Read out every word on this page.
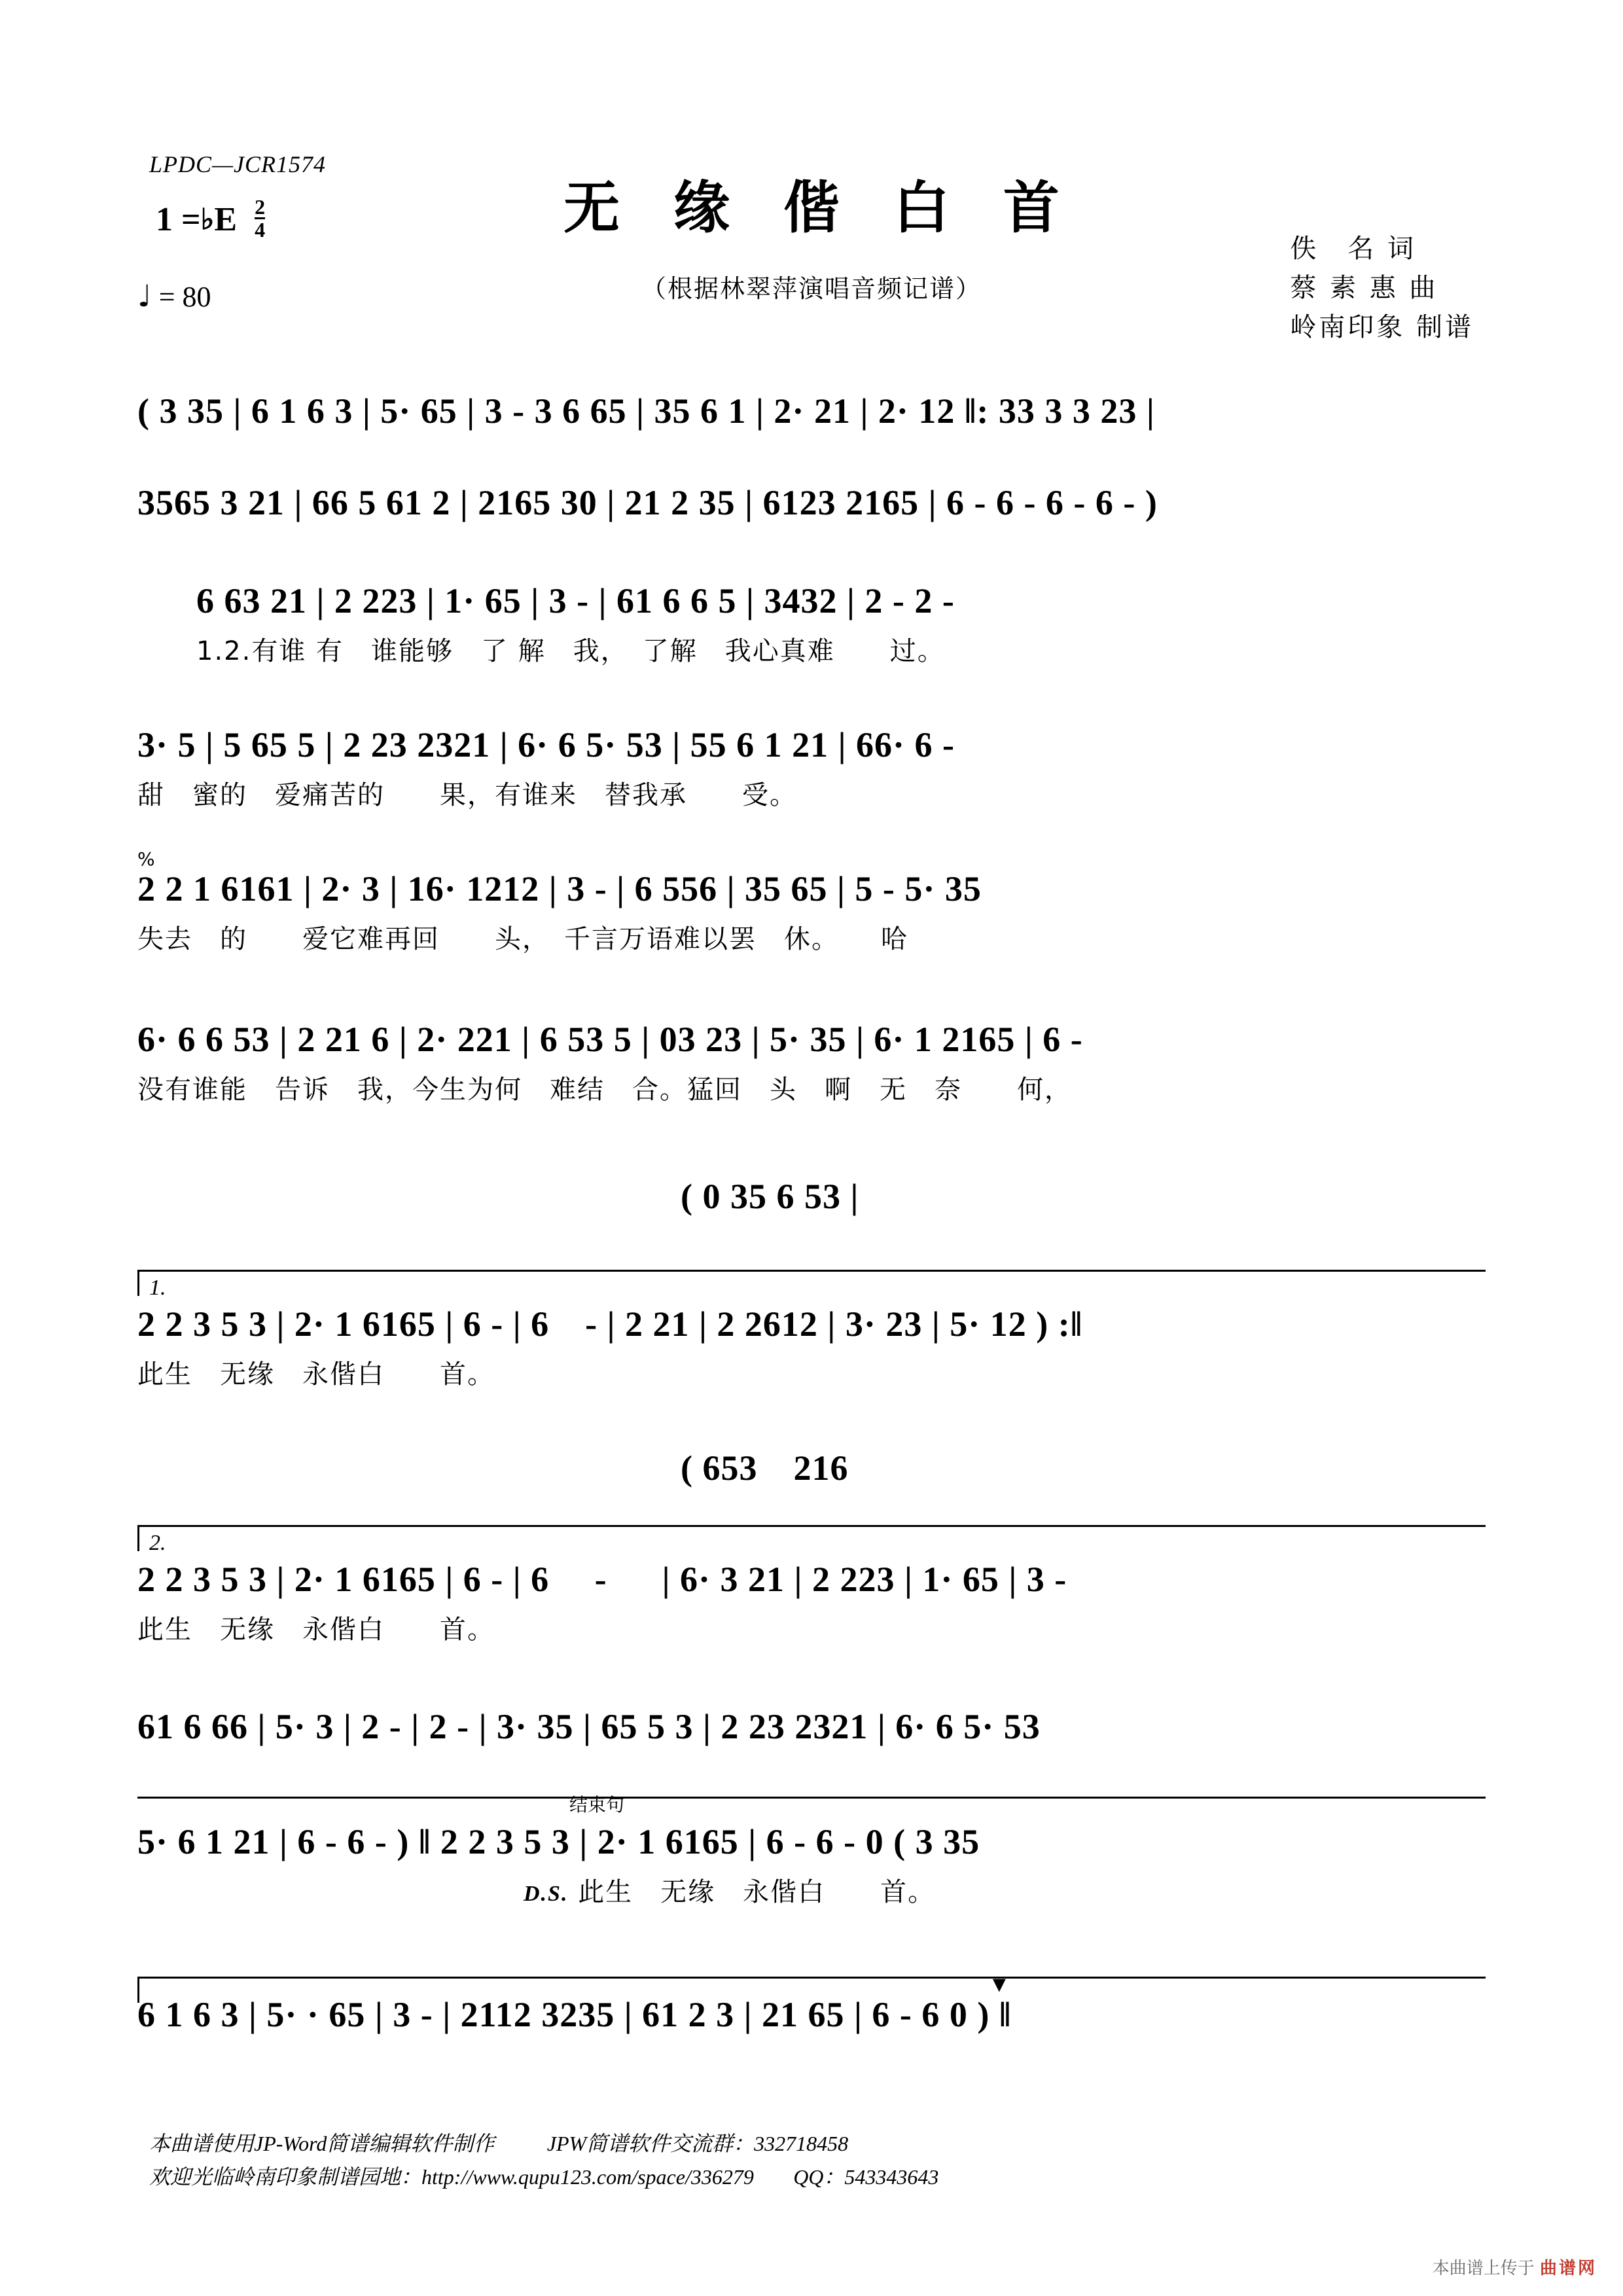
LPDC—JCR1574
无 缘 偕 白 首
（根据林翠萍演唱音频记谱）
1 =♭E $\frac{2}{4}$
♩ = 80
佚　名 词
蔡 素 惠 曲
岭南印象 制谱
( 3 35 | 6 1 6 3 | 5· 65 | 3 - 3 6 65 | 35 6 1 | 2· 21 | 2· 12 ‖: 33 3 3 23 |
3565 3 21 | 66 5 61 2 | 2165 30 | 21 2 35 | 6123 2165 | 6 - 6 - 6 - 6 - )
6 63 21 | 2 223 | 1· 65 | 3 - | 61 6 6 5 | 3432 | 2 - 2 -
1.2.有谁 有　谁能够　了 解　我，　了解　我心真难　　过。
3· 5 | 5 65 5 | 2 23 2321 | 6· 6 5· 53 | 55 6 1 21 | 66· 6 -
甜　蜜的　爱痛苦的　　果，有谁来　替我承　　受。
%
2 2 1 6161 | 2· 3 | 16· 1212 | 3 - | 6 556 | 35 65 | 5 - 5· 35
失去　的　　爱它难再回　　头，　千言万语难以罢　休。　　哈
6· 6 6 53 | 2 21 6 | 2· 221 | 6 53 5 | 03 23 | 5· 35 | 6· 1 2165 | 6 -
没有谁能　告诉　我，今生为何　难结　合。猛回　头　啊　无　奈　　何，
( 0 35 6 53 |
1.
2 2 3 5 3 | 2· 1 6165 | 6 - | 6　- | 2 21 | 2 2612 | 3· 23 | 5· 12 ) :‖
此生　无缘　永偕白　　首。
( 653　216
2.
2 2 3 5 3 | 2· 1 6165 | 6 - | 6 　- 　 | 6· 3 21 | 2 223 | 1· 65 | 3 -
此生　无缘　永偕白　　首。
61 6 66 | 5· 3 | 2 - | 2 - | 3· 35 | 65 5 3 | 2 23 2321 | 6· 6 5· 53
结束句
5· 6 1 21 | 6 - 6 - ) ‖ 2 2 3 5 3 | 2· 1 6165 | 6 - 6 - 0 ( 3 35
D.S. 此生　无缘　永偕白　　首。
▼
6 1 6 3 | 5· · 65 | 3 - | 2112 3235 | 61 2 3 | 21 65 | 6 - 6 0 ) ‖
本曲谱使用JP-Word简谱编辑软件制作	JPW简谱软件交流群：332718458
欢迎光临岭南印象制谱园地：http://www.qupu123.com/space/336279 QQ：543343643
本曲谱上传于 曲谱网
